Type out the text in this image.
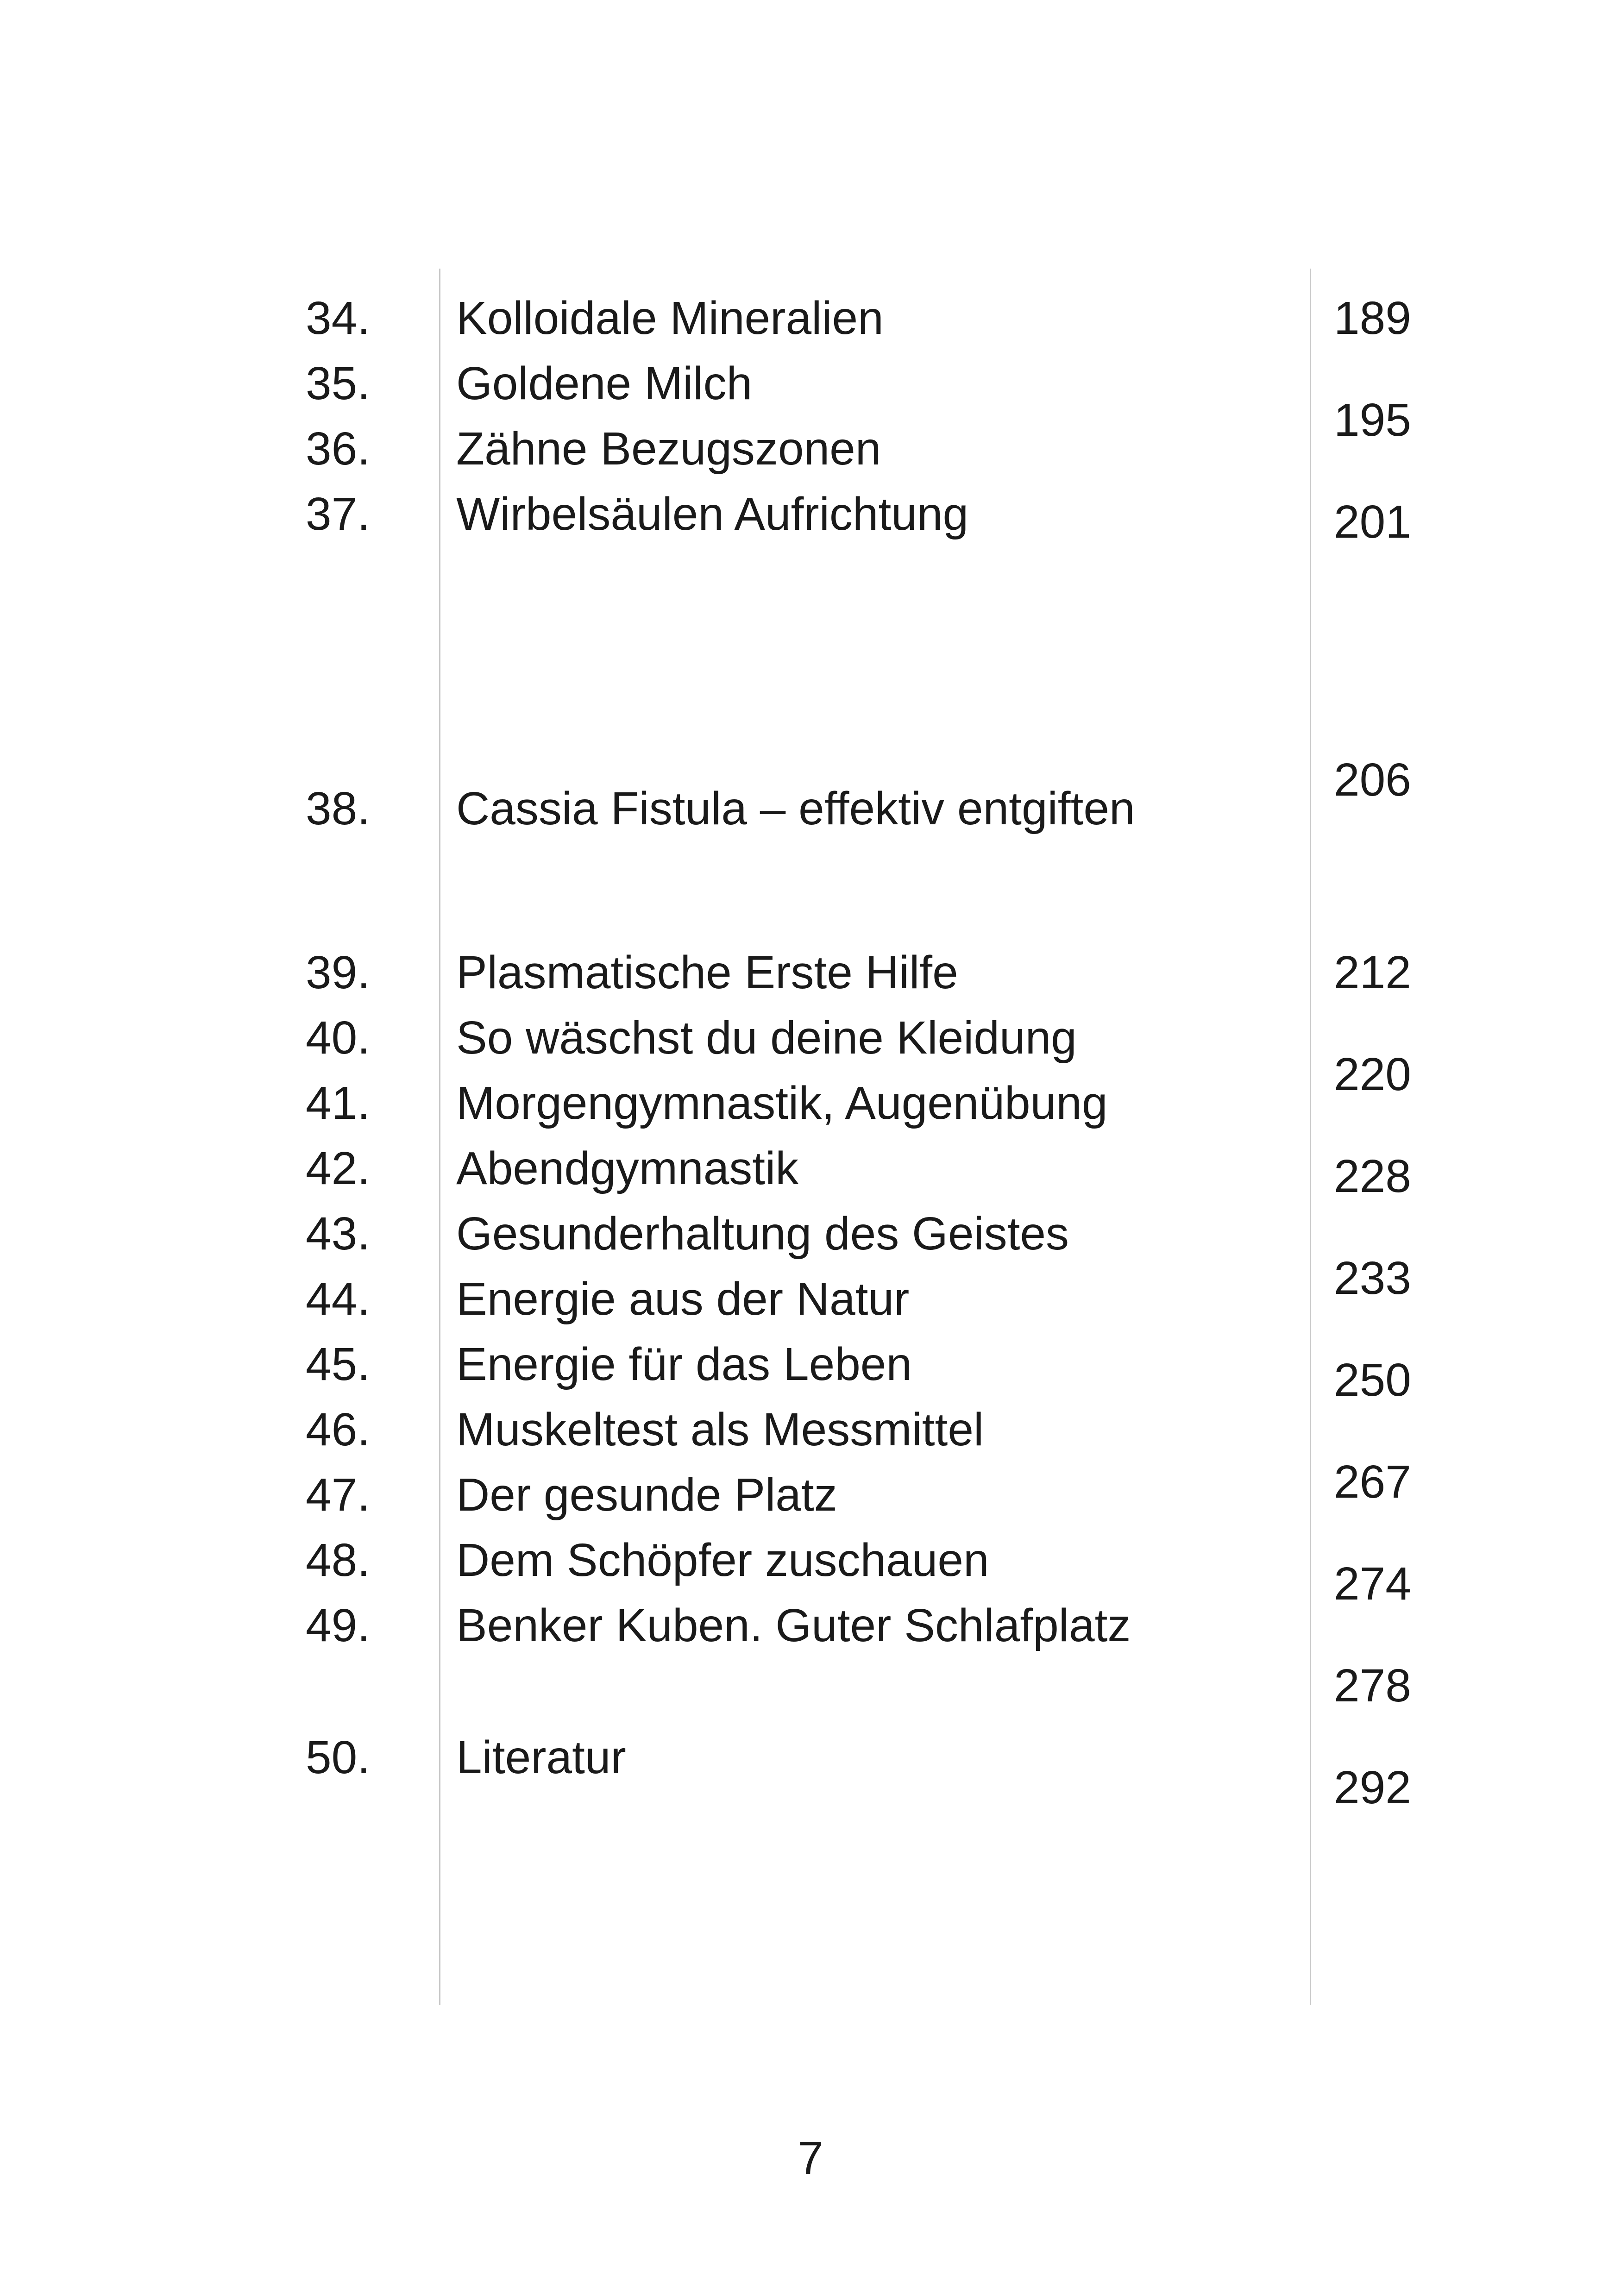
34.
35.
36.
37.
38.
39.
40.
41.
42.
43.
44.
45.
46.
47.
48.
49.
50.
Kolloidale Mineralien
Goldene Milch
Zähne Bezugszonen
Wirbelsäulen Aufrichtung
Cassia Fistula – effektiv entgiften
Plasmatische Erste Hilfe
So wäschst du deine Kleidung
Morgengymnastik, Augenübung
Abendgymnastik
Gesunderhaltung des Geistes
Energie aus der Natur
Energie für das Leben
Muskeltest als Messmittel
Der gesunde Platz
Dem Schöpfer zuschauen
Benker Kuben. Guter Schlafplatz
Literatur
189
195
201
206
212
220
228
233
250
267
274
278
292
7
